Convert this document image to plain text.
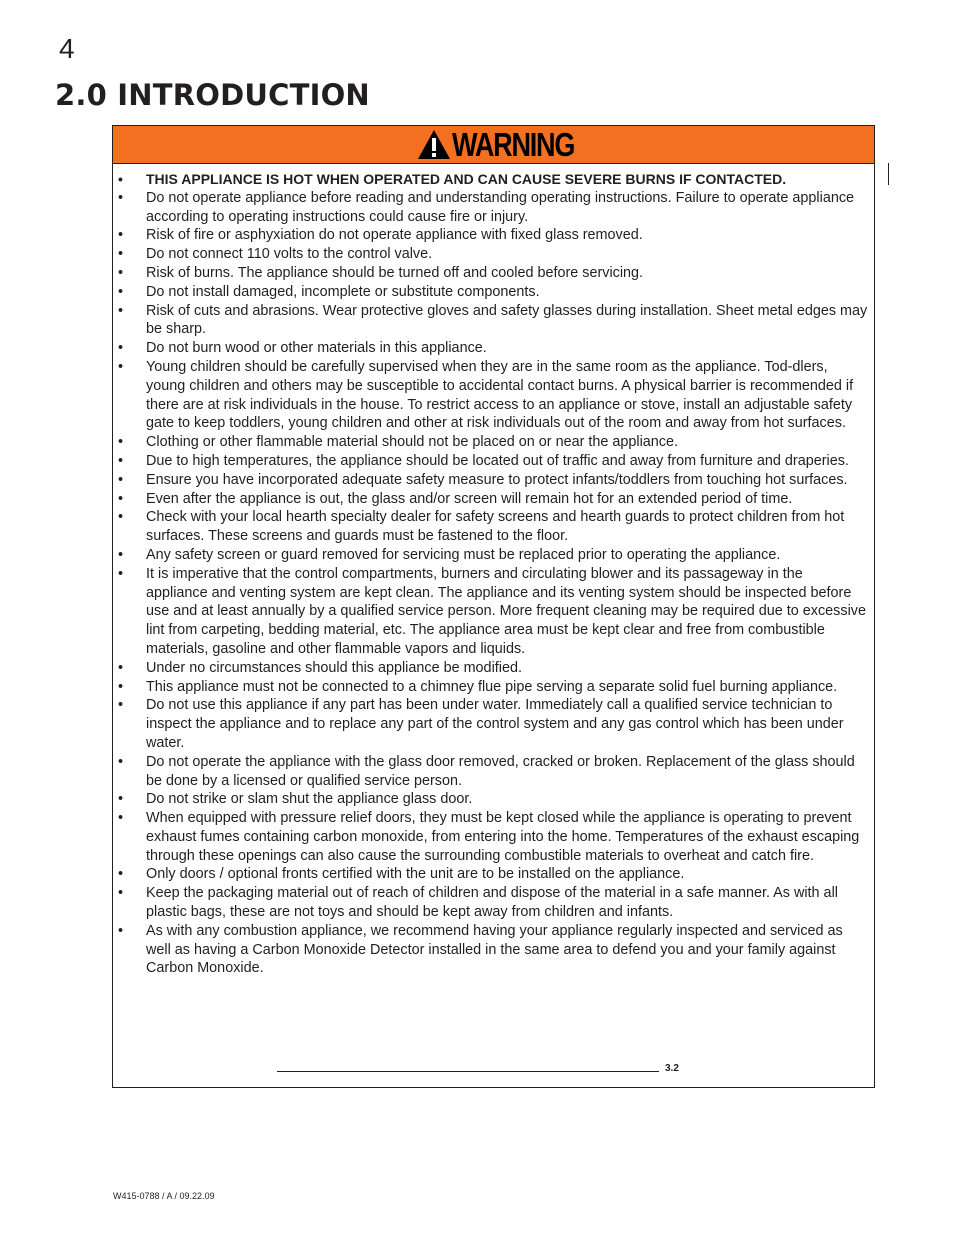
4
2.0 INTRODUCTION
WARNING
• THIS APPLIANCE IS HOT WHEN OPERATED AND CAN CAUSE SEVERE BURNS IF CONTACTED.
• Do not operate appliance before reading and understanding operating instructions. Failure to operate appliance according to operating instructions could cause fire or injury.
• Risk of fire or asphyxiation do not operate appliance with fixed glass removed.
• Do not connect 110 volts to the control valve.
• Risk of burns. The appliance should be turned off and cooled before servicing.
• Do not install damaged, incomplete or substitute components.
• Risk of cuts and abrasions. Wear protective gloves and safety glasses during installation. Sheet metal edges may be sharp.
• Do not burn wood or other materials in this appliance.
• Young children should be carefully supervised when they are in the same room as the appliance. Tod-dlers, young children and others may be susceptible to accidental contact burns. A physical barrier is recommended if there are at risk individuals in the house. To restrict access to an appliance or stove, install an adjustable safety gate to keep toddlers, young children and other at risk individuals out of the room and away from hot surfaces.
• Clothing or other flammable material should not be placed on or near the appliance.
• Due to high temperatures, the appliance should be located out of traffic and away from furniture and draperies.
• Ensure you have incorporated adequate safety measure to protect infants/toddlers from touching hot surfaces.
• Even after the appliance is out, the glass and/or screen will remain hot for an extended period of time.
• Check with your local hearth specialty dealer for safety screens and hearth guards to protect children from hot surfaces. These screens and guards must be fastened to the floor.
• Any safety screen or guard removed for servicing must be replaced prior to operating the appliance.
• It is imperative that the control compartments, burners and circulating blower and its passageway in the appliance and venting system are kept clean. The appliance and its venting system should be inspected before use and at least annually by a qualified service person. More frequent cleaning may be required due to excessive lint from carpeting, bedding material, etc. The appliance area must be kept clear and free from combustible materials, gasoline and other flammable vapors and liquids.
• Under no circumstances should this appliance be modified.
• This appliance must not be connected to a chimney flue pipe serving a separate solid fuel burning appliance.
• Do not use this appliance if any part has been under water. Immediately call a qualified service technician to inspect the appliance and to replace any part of the control system and any gas control which has been under water.
• Do not operate the appliance with the glass door removed, cracked or broken. Replacement of the glass should be done by a licensed or qualified service person.
• Do not strike or slam shut the appliance glass door.
• When equipped with pressure relief doors, they must be kept closed while the appliance is operating to prevent exhaust fumes containing carbon monoxide, from entering into the home. Temperatures of the exhaust escaping through these openings can also cause the surrounding combustible materials to overheat and catch fire.
• Only doors / optional fronts certified with the unit are to be installed on the appliance.
• Keep the packaging material out of reach of children and dispose of the material in a safe manner. As with all plastic bags, these are not toys and should be kept away from children and infants.
• As with any combustion appliance, we recommend having your appliance regularly inspected and serviced as well as having a Carbon Monoxide Detector installed in the same area to defend you and your family against Carbon Monoxide.
3.2
W415-0788 / A / 09.22.09
